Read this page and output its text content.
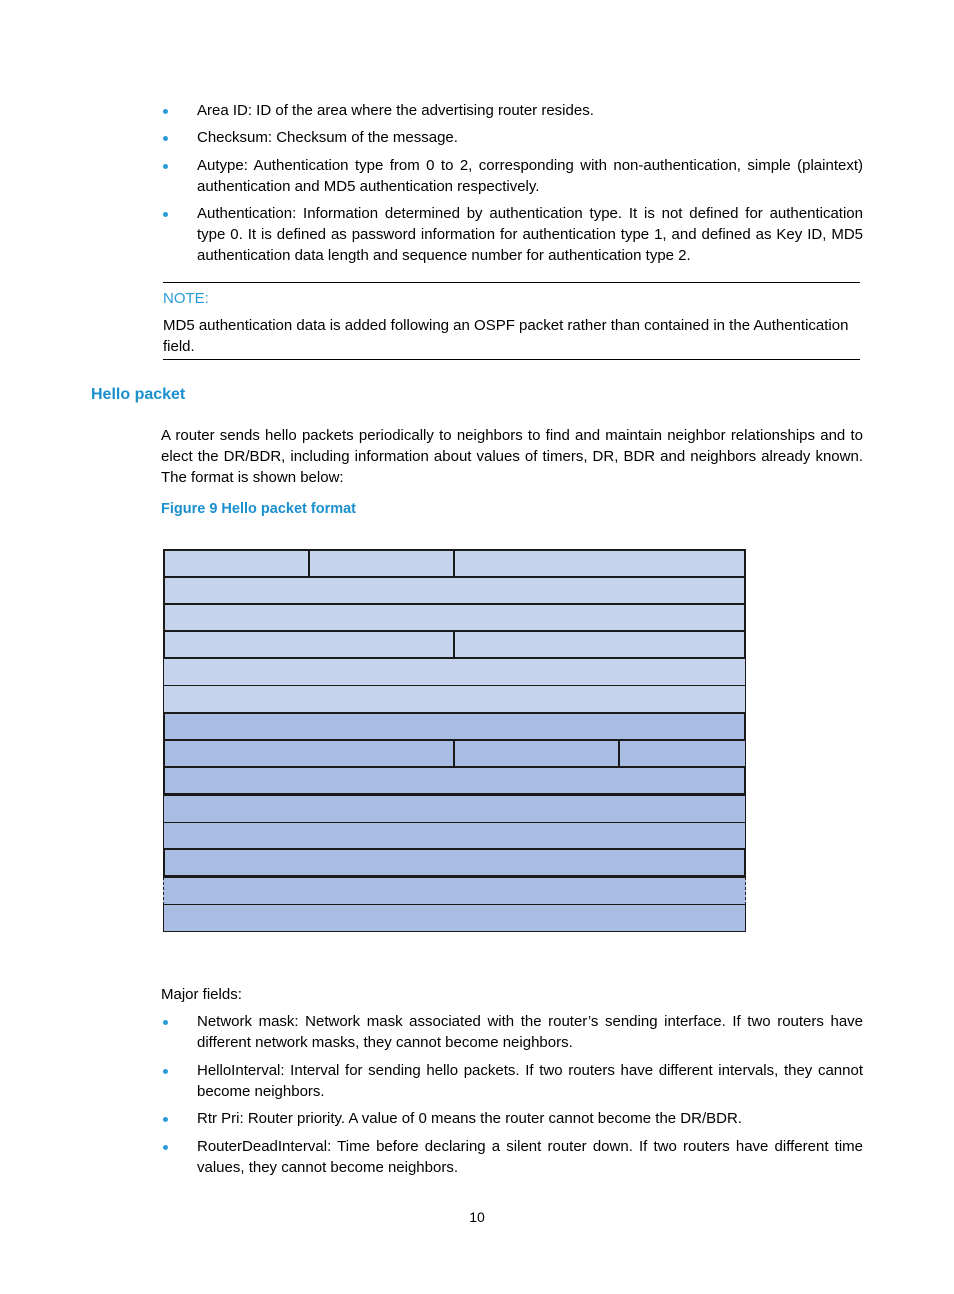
Area ID: ID of the area where the advertising router resides.
Checksum: Checksum of the message.
Autype: Authentication type from 0 to 2, corresponding with non-authentication, simple (plaintext) authentication and MD5 authentication respectively.
Authentication: Information determined by authentication type. It is not defined for authentication type 0. It is defined as password information for authentication type 1, and defined as Key ID, MD5 authentication data length and sequence number for authentication type 2.
NOTE:
MD5 authentication data is added following an OSPF packet rather than contained in the Authentication field.
Hello packet
A router sends hello packets periodically to neighbors to find and maintain neighbor relationships and to elect the DR/BDR, including information about values of timers, DR, BDR and neighbors already known. The format is shown below:
Figure 9 Hello packet format
Major fields:
Network mask: Network mask associated with the router’s sending interface. If two routers have different network masks, they cannot become neighbors.
HelloInterval: Interval for sending hello packets. If two routers have different intervals, they cannot become neighbors.
Rtr Pri: Router priority. A value of 0 means the router cannot become the DR/BDR.
RouterDeadInterval: Time before declaring a silent router down. If two routers have different time values, they cannot become neighbors.
10
